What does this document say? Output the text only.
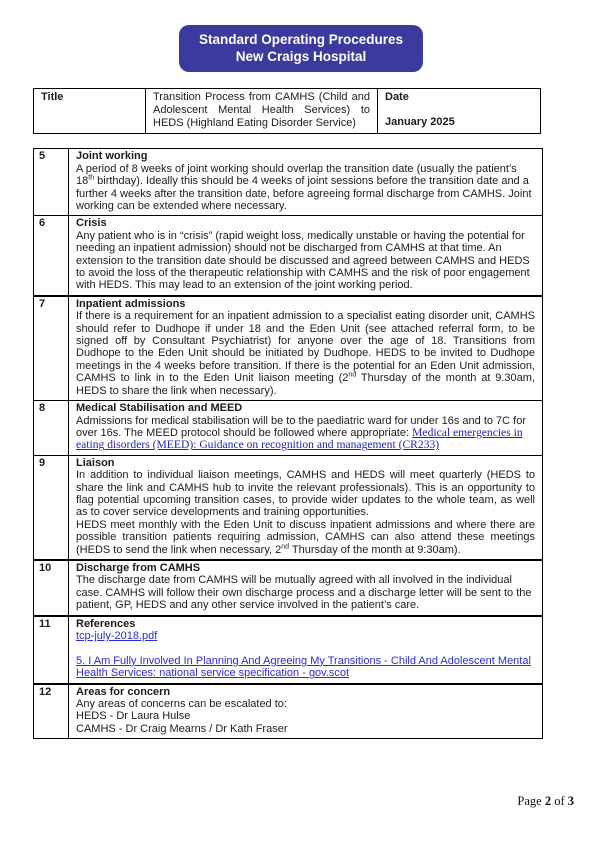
Standard Operating Procedures
New Craigs Hospital
Title	Transition Process from CAMHS (Child and Adolescent Mental Health Services) to HEDS (Highland Eating Disorder Service)	
Date
January 2025
5	Joint working
A period of 8 weeks of joint working should overlap the transition date (usually the patient’s 18th birthday). Ideally this should be 4 weeks of joint sessions before the transition date and a further 4 weeks after the transition date, before agreeing formal discharge from CAMHS. Joint working can be extended where necessary.

6	Crisis
Any patient who is in “crisis” (rapid weight loss, medically unstable or having the potential for needing an inpatient admission) should not be discharged from CAMHS at that time. An extension to the transition date should be discussed and agreed between CAMHS and HEDS to avoid the loss of the therapeutic relationship with CAMHS and the risk of poor engagement with HEDS. This may lead to an extension of the joint working period.

7	Inpatient admissions
If there is a requirement for an inpatient admission to a specialist eating disorder unit, CAMHS should refer to Dudhope if under 18 and the Eden Unit (see attached referral form, to be signed off by Consultant Psychiatrist) for anyone over the age of 18. Transitions from Dudhope to the Eden Unit should be initiated by Dudhope. HEDS to be invited to Dudhope meetings in the 4 weeks before transition. If there is the potential for an Eden Unit admission, CAMHS to link in to the Eden Unit liaison meeting (2nd Thursday of the month at 9.30am, HEDS to share the link when necessary).

8	Medical Stabilisation and MEED
Admissions for medical stabilisation will be to the paediatric ward for under 16s and to 7C for over 16s. The MEED protocol should be followed where appropriate: Medical emergencies in eating disorders (MEED): Guidance on recognition and management (CR233)

9	Liaison
In addition to individual liaison meetings, CAMHS and HEDS will meet quarterly (HEDS to share the link and CAMHS hub to invite the relevant professionals). This is an opportunity to flag potential upcoming transition cases, to provide wider updates to the whole team, as well as to cover service developments and training opportunities.
HEDS meet monthly with the Eden Unit to discuss inpatient admissions and where there are possible transition patients requiring admission, CAMHS can also attend these meetings (HEDS to send the link when necessary, 2nd Thursday of the month at 9:30am).

10	Discharge from CAMHS
The discharge date from CAMHS will be mutually agreed with all involved in the individual case. CAMHS will follow their own discharge process and a discharge letter will be sent to the patient, GP, HEDS and any other service involved in the patient’s care.

11	References
tcp-july-2018.pdf

5. I Am Fully Involved In Planning And Agreeing My Transitions - Child And Adolescent Mental Health Services: national service specification - gov.scot

12	Areas for concern
Any areas of concerns can be escalated to:
HEDS - Dr Laura Hulse
CAMHS - Dr Craig Mearns / Dr Kath Fraser
Page 2 of 3
